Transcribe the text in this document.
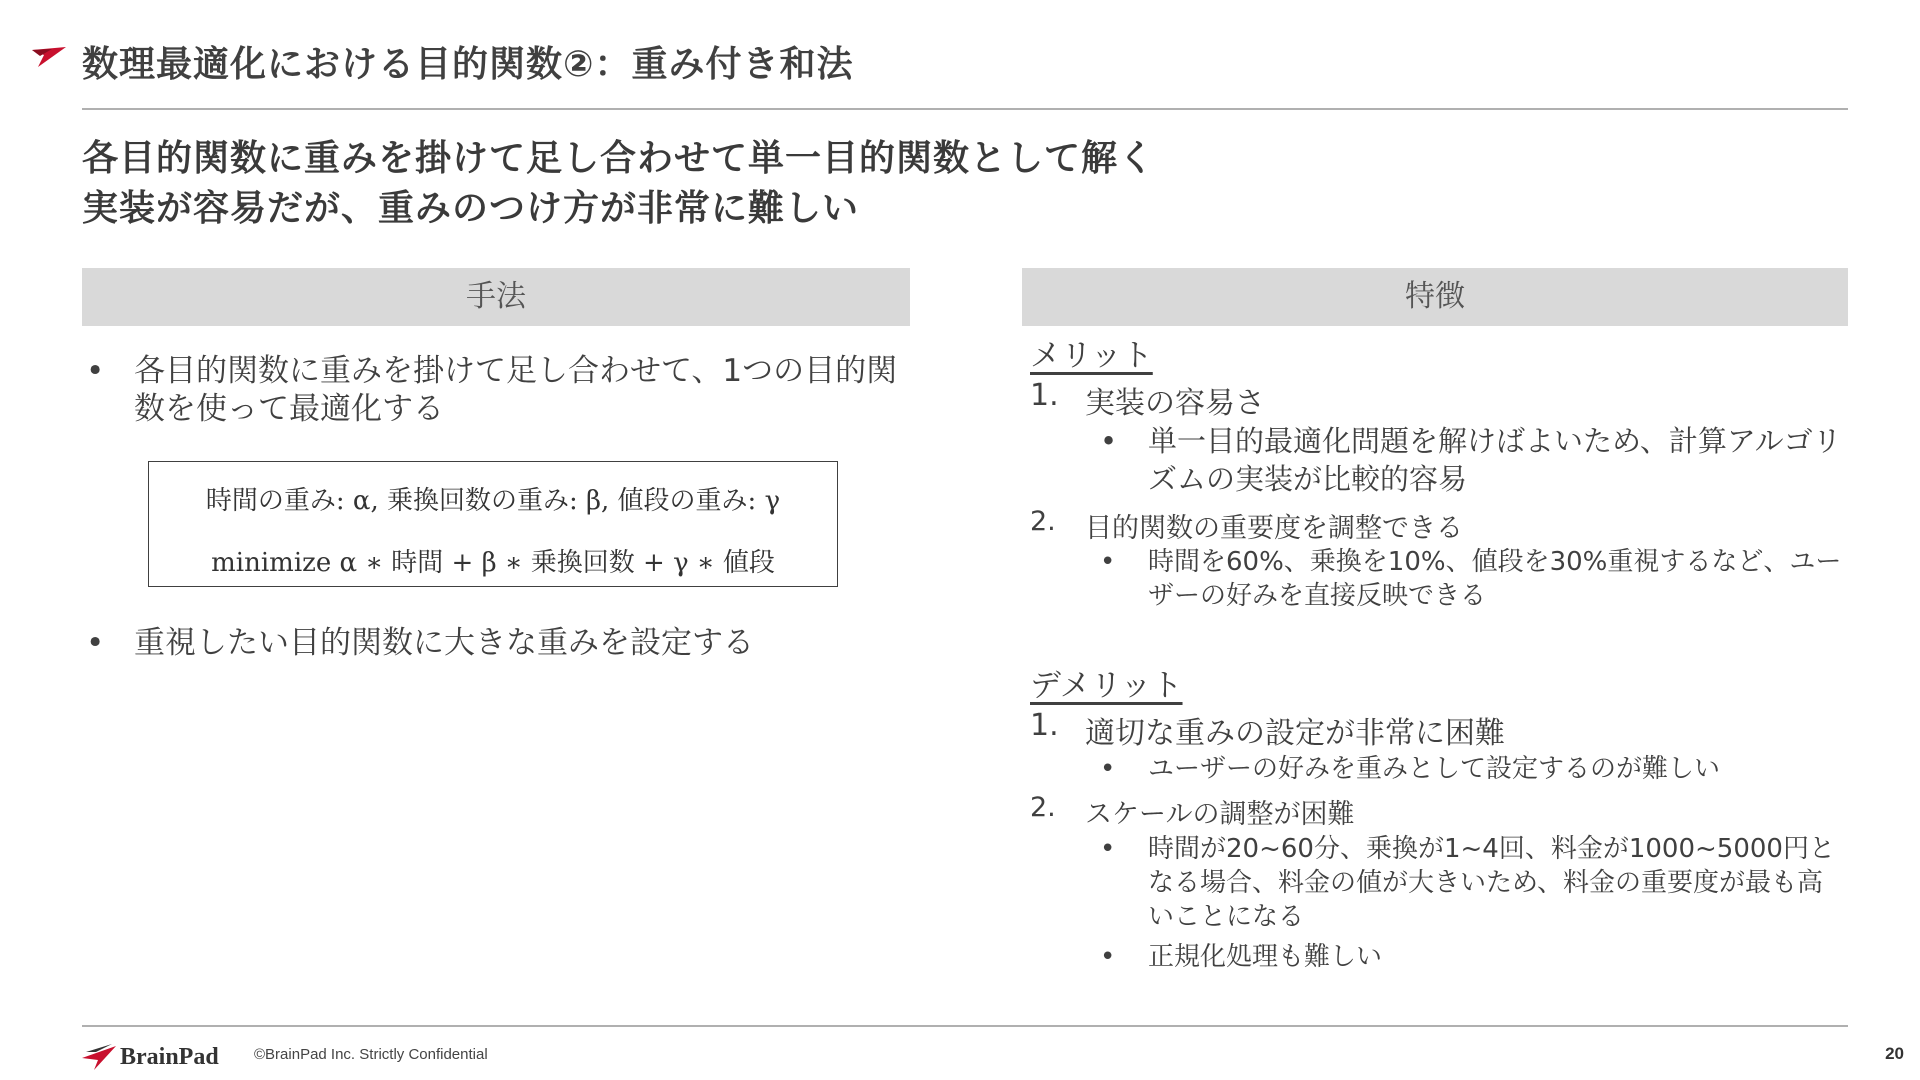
数理最適化における目的関数②：重み付き和法
各目的関数に重みを掛けて足し合わせて単一目的関数として解く
実装が容易だが、重みのつけ方が非常に難しい
手法
• 各目的関数に重みを掛けて足し合わせて、1つの目的関数を使って最適化する
時間の重み: α, 乗換回数の重み: β, 値段の重み: γ
minimize α ∗ 時間 + β ∗ 乗換回数 + γ ∗ 値段
• 重視したい目的関数に大きな重みを設定する
特徴
メリット
1. 実装の容易さ
• 単一目的最適化問題を解けばよいため、計算アルゴリズムの実装が比較的容易
2. 目的関数の重要度を調整できる
• 時間を60%、乗換を10%、値段を30%重視するなど、ユーザーの好みを直接反映できる
デメリット
1. 適切な重みの設定が非常に困難
• ユーザーの好みを重みとして設定するのが難しい
2. スケールの調整が困難
• 時間が20~60分、乗換が1~4回、料金が1000~5000円となる場合、料金の値が大きいため、料金の重要度が最も高いことになる
• 正規化処理も難しい
BrainPad ©BrainPad Inc. Strictly Confidential	20
